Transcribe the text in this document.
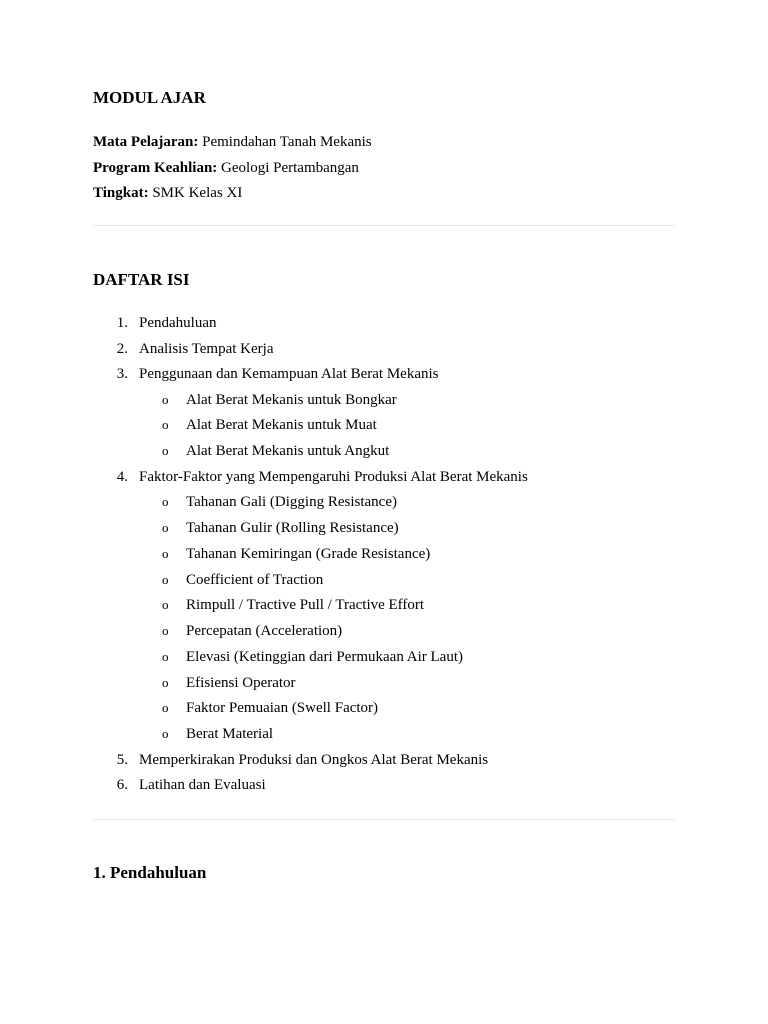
MODUL AJAR
Mata Pelajaran: Pemindahan Tanah Mekanis
Program Keahlian: Geologi Pertambangan
Tingkat: SMK Kelas XI
DAFTAR ISI
1. Pendahuluan
2. Analisis Tempat Kerja
3. Penggunaan dan Kemampuan Alat Berat Mekanis
o Alat Berat Mekanis untuk Bongkar
o Alat Berat Mekanis untuk Muat
o Alat Berat Mekanis untuk Angkut
4. Faktor-Faktor yang Mempengaruhi Produksi Alat Berat Mekanis
o Tahanan Gali (Digging Resistance)
o Tahanan Gulir (Rolling Resistance)
o Tahanan Kemiringan (Grade Resistance)
o Coefficient of Traction
o Rimpull / Tractive Pull / Tractive Effort
o Percepatan (Acceleration)
o Elevasi (Ketinggian dari Permukaan Air Laut)
o Efisiensi Operator
o Faktor Pemuaian (Swell Factor)
o Berat Material
5. Memperkirakan Produksi dan Ongkos Alat Berat Mekanis
6. Latihan dan Evaluasi
1. Pendahuluan
